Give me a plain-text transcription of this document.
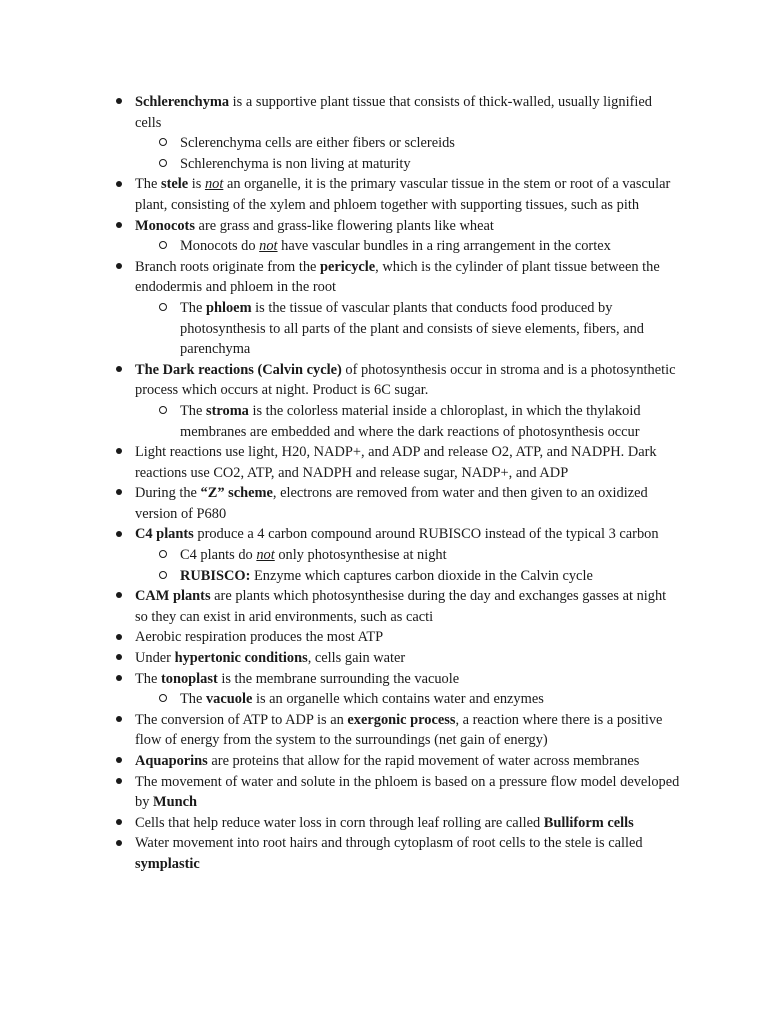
Schlerenchyma is a supportive plant tissue that consists of thick-walled, usually lignified cells
Sclerenchyma cells are either fibers or sclereids
Schlerenchyma is non living at maturity
The stele is not an organelle, it is the primary vascular tissue in the stem or root of a vascular plant, consisting of the xylem and phloem together with supporting tissues, such as pith
Monocots are grass and grass-like flowering plants like wheat
Monocots do not have vascular bundles in a ring arrangement in the cortex
Branch roots originate from the pericycle, which is the cylinder of plant tissue between the endodermis and phloem in the root
The phloem is the tissue of vascular plants that conducts food produced by photosynthesis to all parts of the plant and consists of sieve elements, fibers, and parenchyma
The Dark reactions (Calvin cycle) of photosynthesis occur in stroma and is a photosynthetic process which occurs at night. Product is 6C sugar.
The stroma is the colorless material inside a chloroplast, in which the thylakoid membranes are embedded and where the dark reactions of photosynthesis occur
Light reactions use light, H20, NADP+, and ADP and release O2, ATP, and NADPH. Dark reactions use CO2, ATP, and NADPH and release sugar, NADP+, and ADP
During the “Z” scheme, electrons are removed from water and then given to an oxidized version of P680
C4 plants produce a 4 carbon compound around RUBISCO instead of the typical 3 carbon
C4 plants do not only photosynthesise at night
RUBISCO: Enzyme which captures carbon dioxide in the Calvin cycle
CAM plants are plants which photosynthesise during the day and exchanges gasses at night so they can exist in arid environments, such as cacti
Aerobic respiration produces the most ATP
Under hypertonic conditions, cells gain water
The tonoplast is the membrane surrounding the vacuole
The vacuole is an organelle which contains water and enzymes
The conversion of ATP to ADP is an exergonic process, a reaction where there is a positive flow of energy from the system to the surroundings (net gain of energy)
Aquaporins are proteins that allow for the rapid movement of water across membranes
The movement of water and solute in the phloem is based on a pressure flow model developed by Munch
Cells that help reduce water loss in corn through leaf rolling are called Bulliform cells
Water movement into root hairs and through cytoplasm of root cells to the stele is called symplastic
